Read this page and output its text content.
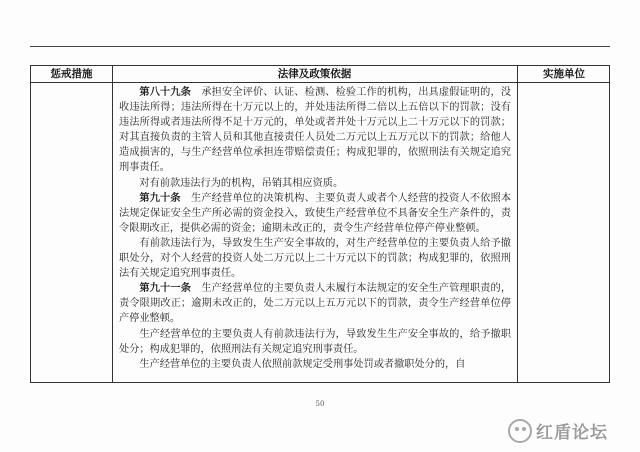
惩戒措施	法律及政策依据	实施单位

第八十九条　承担安全评价、认证、检测、检验工作的机构，出具虚假证明的，没收违法所得；违法所得在十万元以上的，并处违法所得二倍以上五倍以下的罚款；没有违法所得或者违法所得不足十万元的，单处或者并处十万元以上二十万元以下的罚款；对其直接负责的主管人员和其他直接责任人员处二万元以上五万元以下的罚款；给他人造成损害的，与生产经营单位承担连带赔偿责任；构成犯罪的，依照刑法有关规定追究刑事责任。

对有前款违法行为的机构，吊销其相应资质。

第九十条　生产经营单位的决策机构、主要负责人或者个人经营的投资人不依照本法规定保证安全生产所必需的资金投入，致使生产经营单位不具备安全生产条件的，责令限期改正，提供必需的资金；逾期未改正的，责令生产经营单位停产停业整顿。

有前款违法行为，导致发生生产安全事故的，对生产经营单位的主要负责人给予撤职处分，对个人经营的投资人处二万元以上二十万元以下的罚款；构成犯罪的，依照刑法有关规定追究刑事责任。

第九十一条　生产经营单位的主要负责人未履行本法规定的安全生产管理职责的，责令限期改正；逾期未改正的，处二万元以上五万元以下的罚款，责令生产经营单位停产停业整顿。

生产经营单位的主要负责人有前款违法行为，导致发生生产安全事故的，给予撤职处分；构成犯罪的，依照刑法有关规定追究刑事责任。

生产经营单位的主要负责人依照前款规定受刑事处罚或者撤职处分的，自

50
红盾论坛
